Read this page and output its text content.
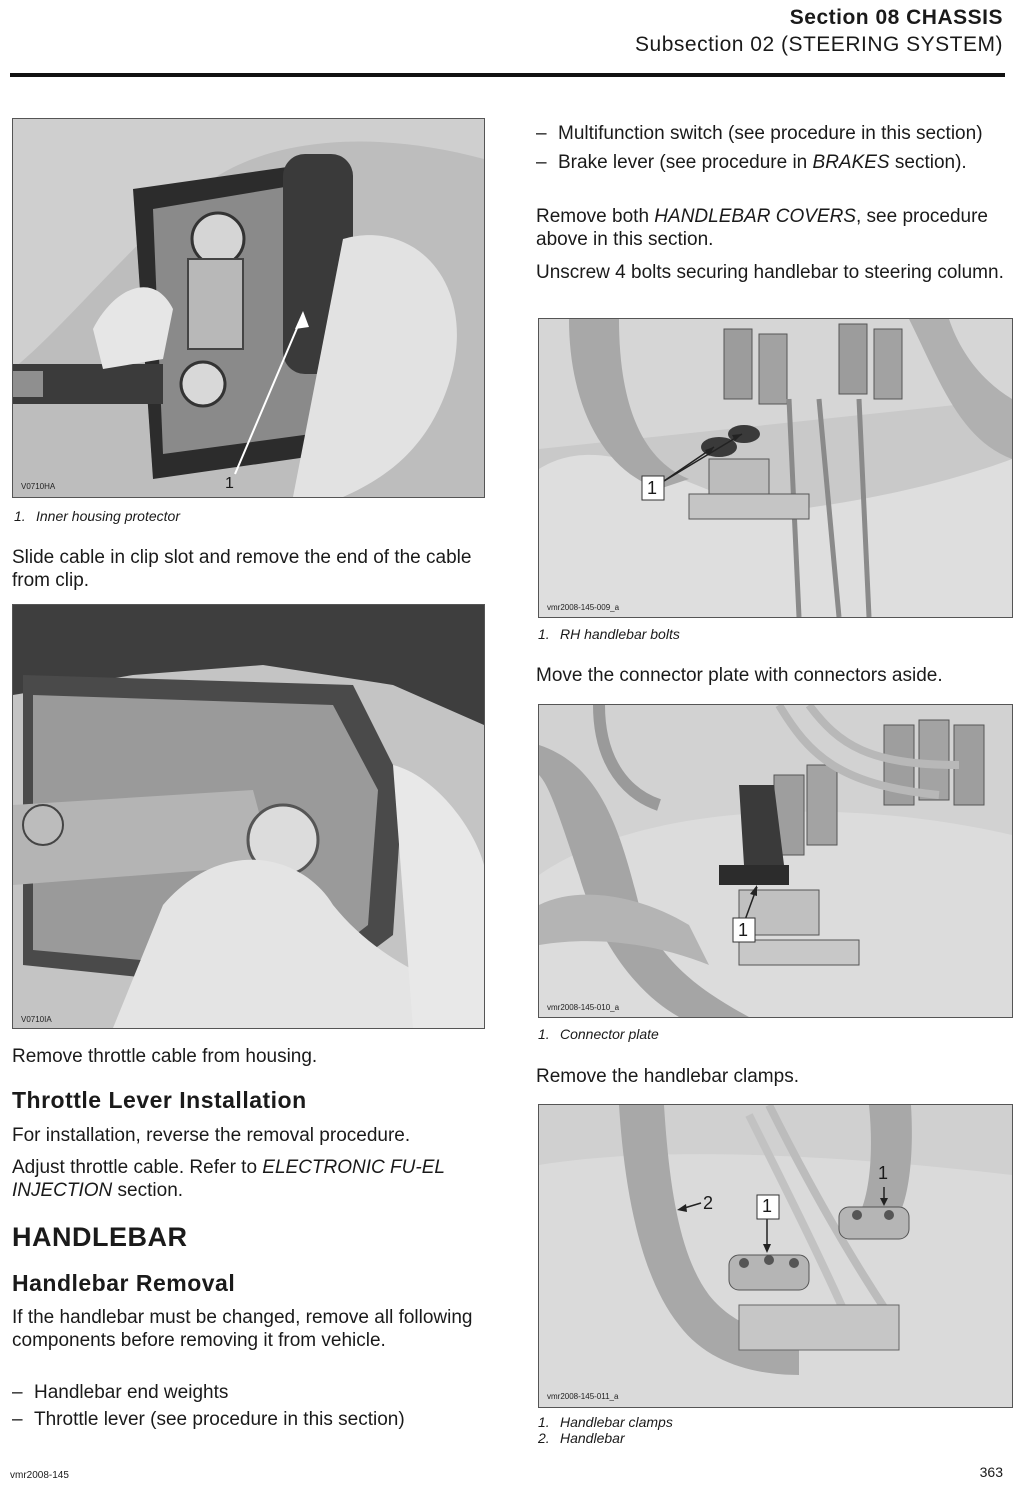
Section 08 CHASSIS
Subsection 02 (STEERING SYSTEM)
V0710HA	1
1. Inner housing protector

Slide cable in clip slot and remove the end of the cable from clip.

V0710IA

Remove throttle cable from housing.

Throttle Lever Installation

For installation, reverse the removal procedure.

Adjust throttle cable. Refer to ELECTRONIC FU-EL INJECTION section.

HANDLEBAR
Handlebar Removal

If the handlebar must be changed, remove all following components before removing it from vehicle.

– Handlebar end weights
– Throttle lever (see procedure in this section)
– Multifunction switch (see procedure in this section)
– Brake lever (see procedure in BRAKES section).

Remove both HANDLEBAR COVERS, see procedure above in this section.

Unscrew 4 bolts securing handlebar to steering column.

1
vmr2008-145-009_a
1. RH handlebar bolts

Move the connector plate with connectors aside.

1
vmr2008-145-010_a
1. Connector plate

Remove the handlebar clamps.

1
1
2
vmr2008-145-011_a
1. Handlebar clamps
2. Handlebar
vmr2008-145	363
